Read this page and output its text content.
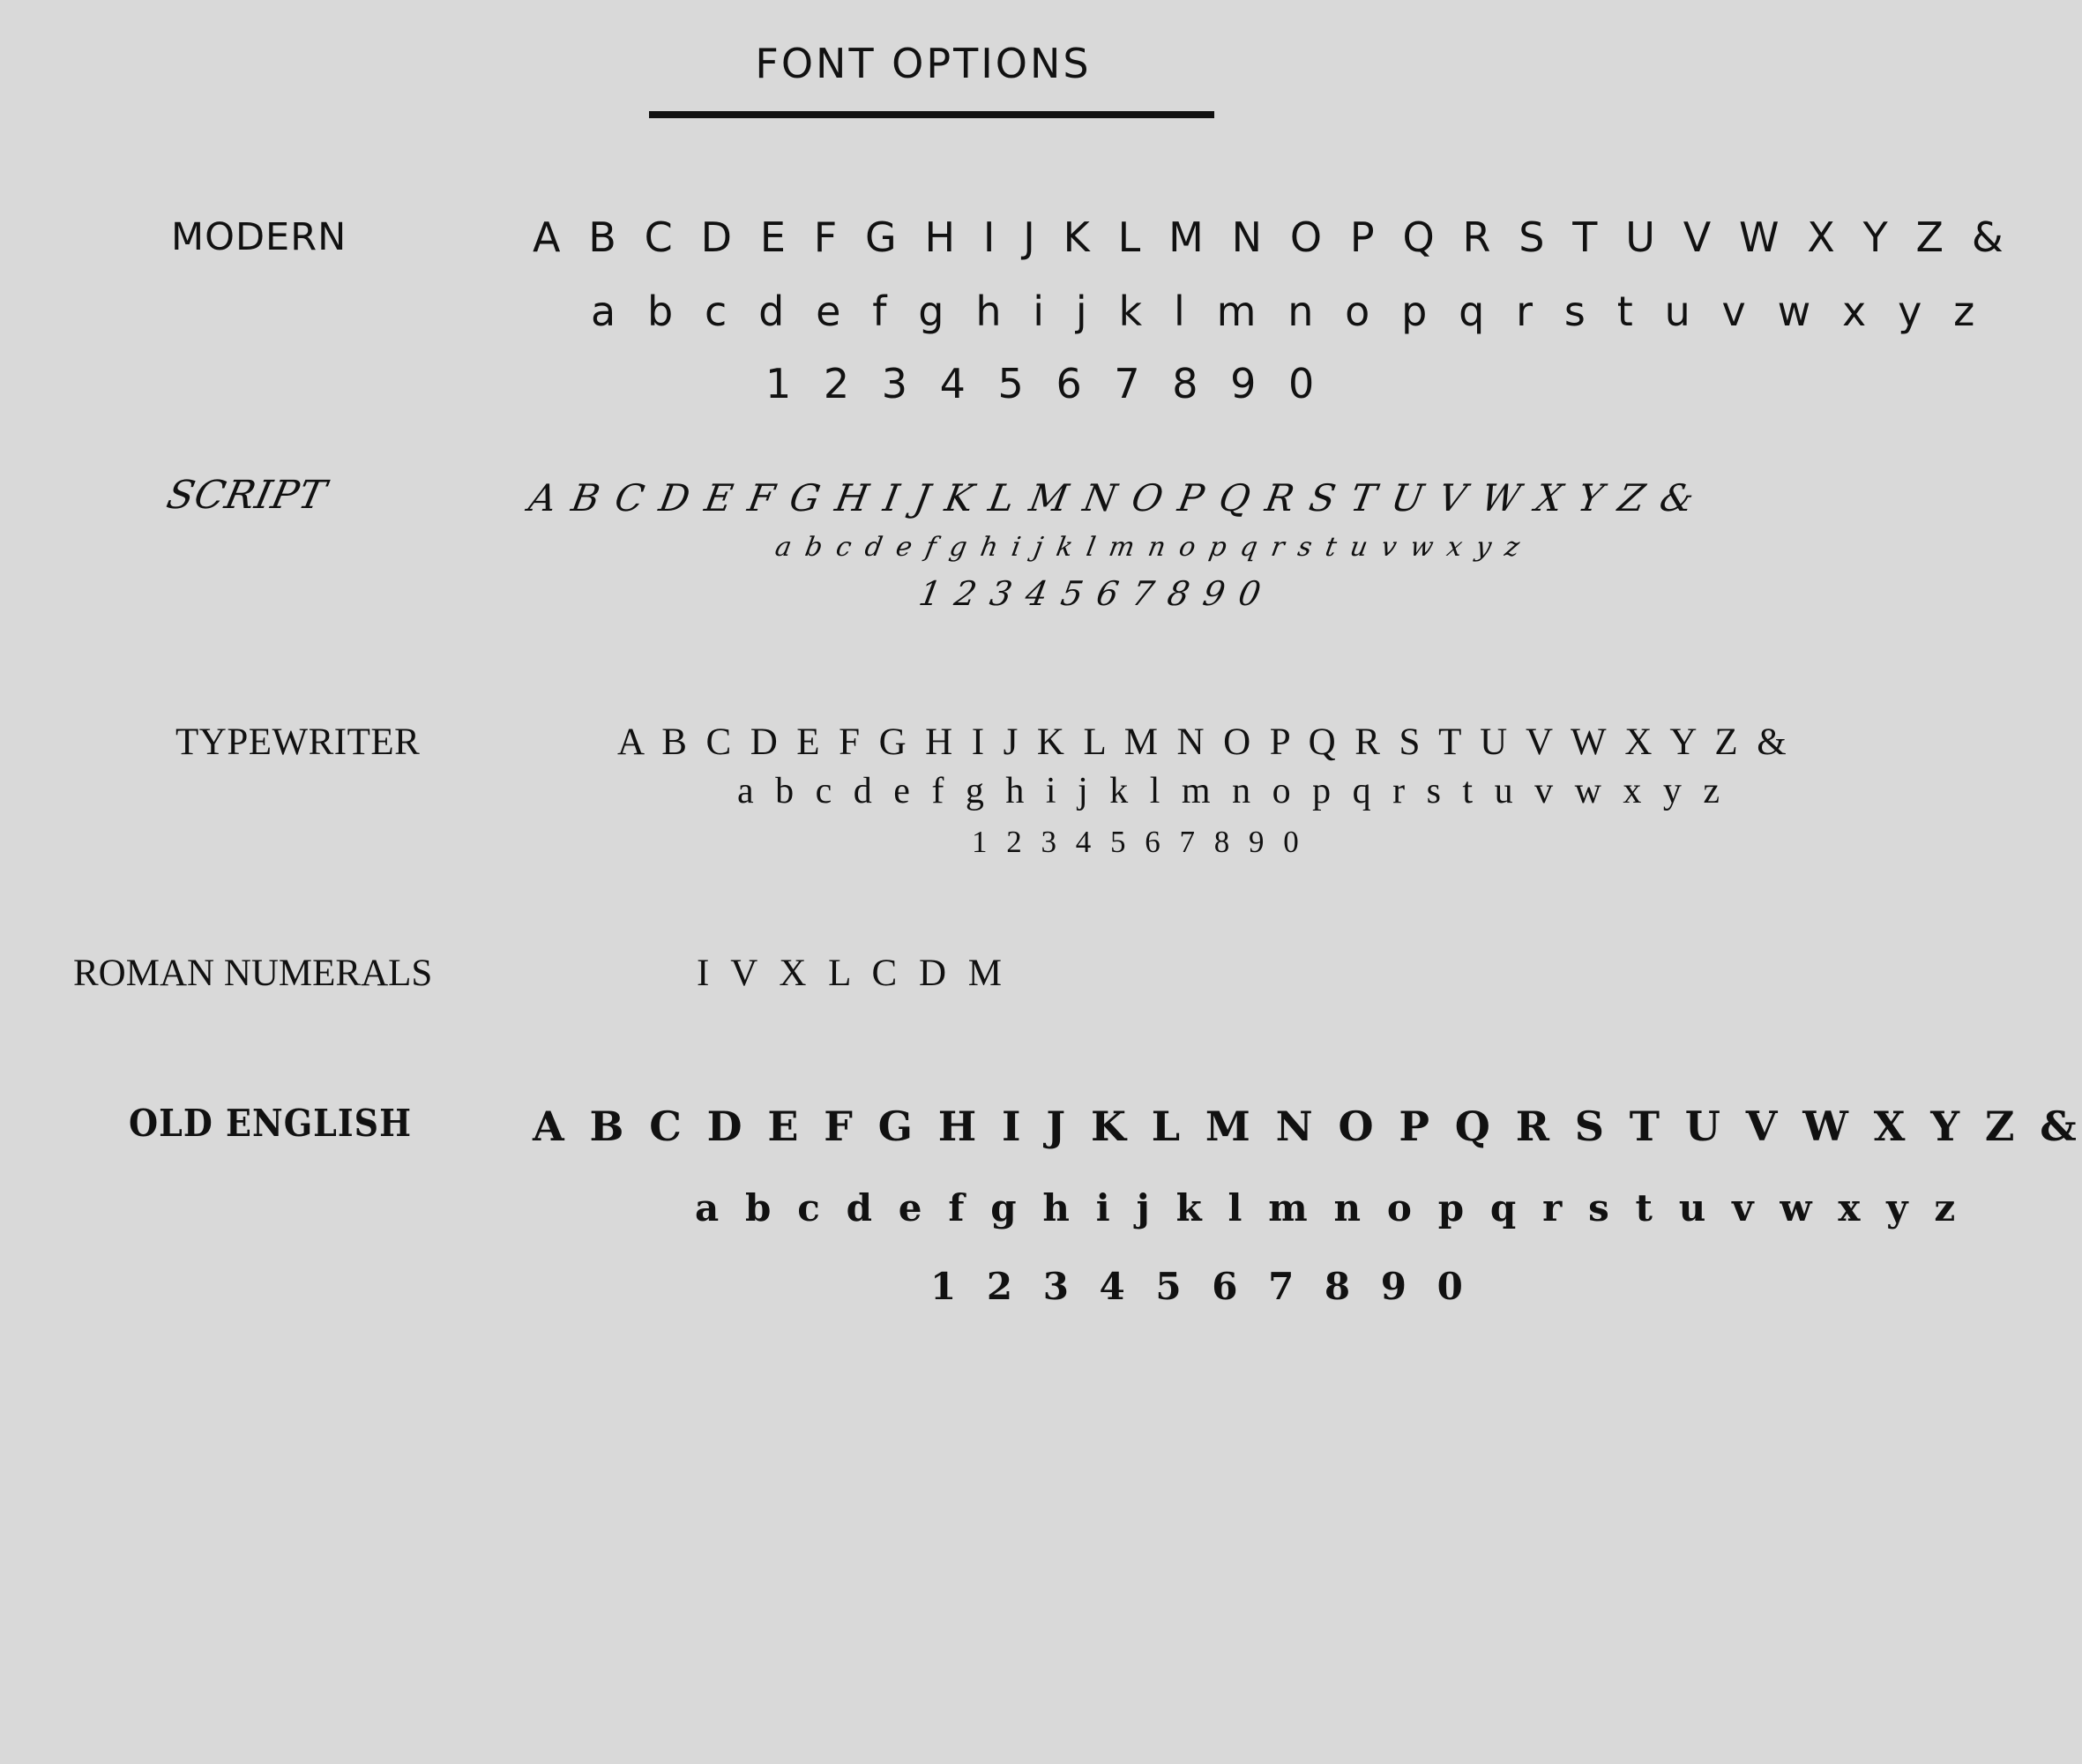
FONT OPTIONS
MODERN	A B C D E F G H I J K L M N O P Q R S T U V W X Y Z &
a b c d e f g h i j k l m n o p q r s t u v w x y z
1 2 3 4 5 6 7 8 9 0
SCRIPT	A B C D E F G H I J K L M N O P Q R S T U V W X Y Z &
a b c d e f g h i j k l m n o p q r s t u v w x y z
1 2 3 4 5 6 7 8 9 0
TYPEWRITER	A B C D E F G H I J K L M N O P Q R S T U V W X Y Z &
a b c d e f g h i j k l m n o p q r s t u v w x y z
1 2 3 4 5 6 7 8 9 0
ROMAN NUMERALS	I V X L C D M
OLD ENGLISH	A B C D E F G H I J K L M N O P Q R S T U V W X Y Z &
a b c d e f g h i j k l m n o p q r s t u v w x y z
1 2 3 4 5 6 7 8 9 0
